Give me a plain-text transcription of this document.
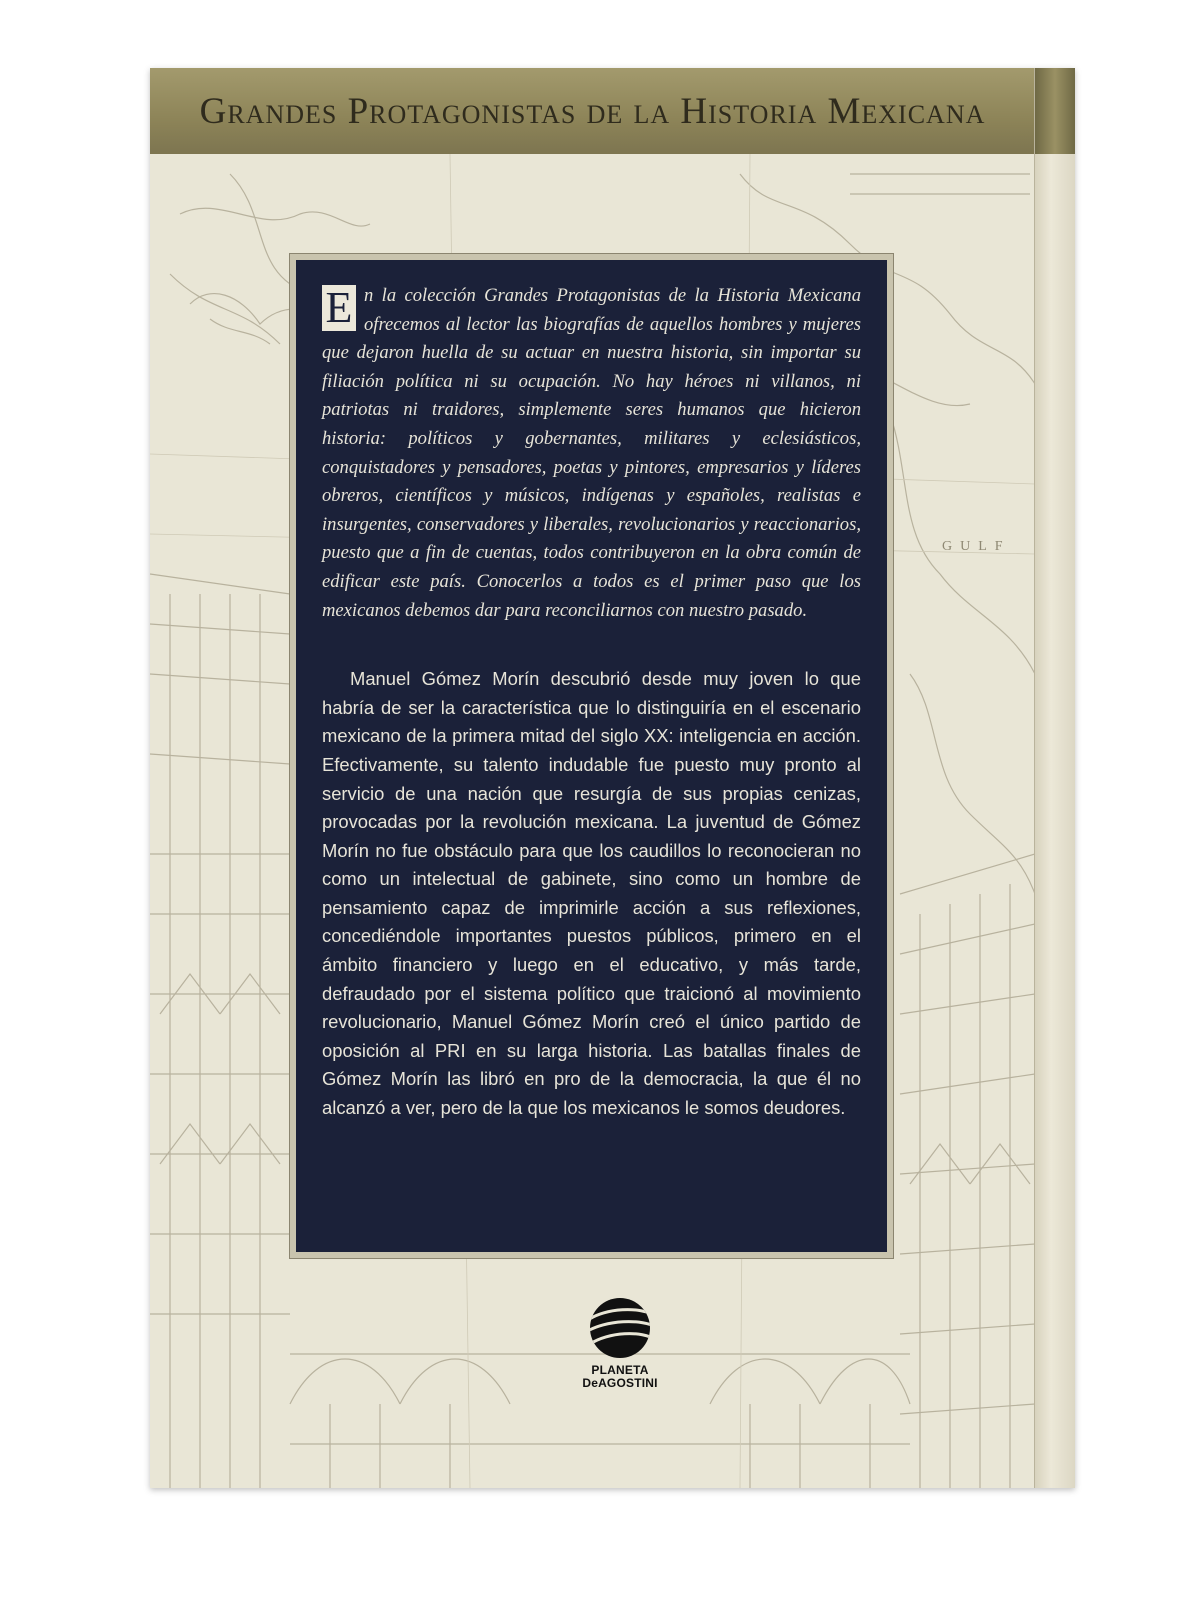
GULF
Grandes Protagonistas de la Historia Mexicana

E n la colección Grandes Protagonistas de la Historia Mexicana ofrecemos al lector las biografías de aquellos hombres y mujeres que dejaron huella de su actuar en nuestra historia, sin importar su filiación política ni su ocupación. No hay héroes ni villanos, ni patriotas ni traidores, simplemente seres humanos que hicieron historia: políticos y gobernantes, militares y eclesiásticos, conquistadores y pensadores, poetas y pintores, empresarios y líderes obreros, científicos y músicos, indígenas y españoles, realistas e insurgentes, conservadores y liberales, revolucionarios y reaccionarios, puesto que a fin de cuentas, todos contribuyeron en la obra común de edificar este país. Conocerlos a todos es el primer paso que los mexicanos debemos dar para reconciliarnos con nuestro pasado.

Manuel Gómez Morín descubrió desde muy joven lo que habría de ser la característica que lo distinguiría en el escenario mexicano de la primera mitad del siglo XX: inteligencia en acción. Efectivamente, su talento indudable fue puesto muy pronto al servicio de una nación que resurgía de sus propias cenizas, provocadas por la revolución mexicana. La juventud de Gómez Morín no fue obstáculo para que los caudillos lo reconocieran no como un intelectual de gabinete, sino como un hombre de pensamiento capaz de imprimirle acción a sus reflexiones, concediéndole importantes puestos públicos, primero en el ámbito financiero y luego en el educativo, y más tarde, defraudado por el sistema político que traicionó al movimiento revolucionario, Manuel Gómez Morín creó el único partido de oposición al PRI en su larga historia. Las batallas finales de Gómez Morín las libró en pro de la democracia, la que él no alcanzó a ver, pero de la que los mexicanos le somos deudores.

PLANETA
DeAGOSTINI
